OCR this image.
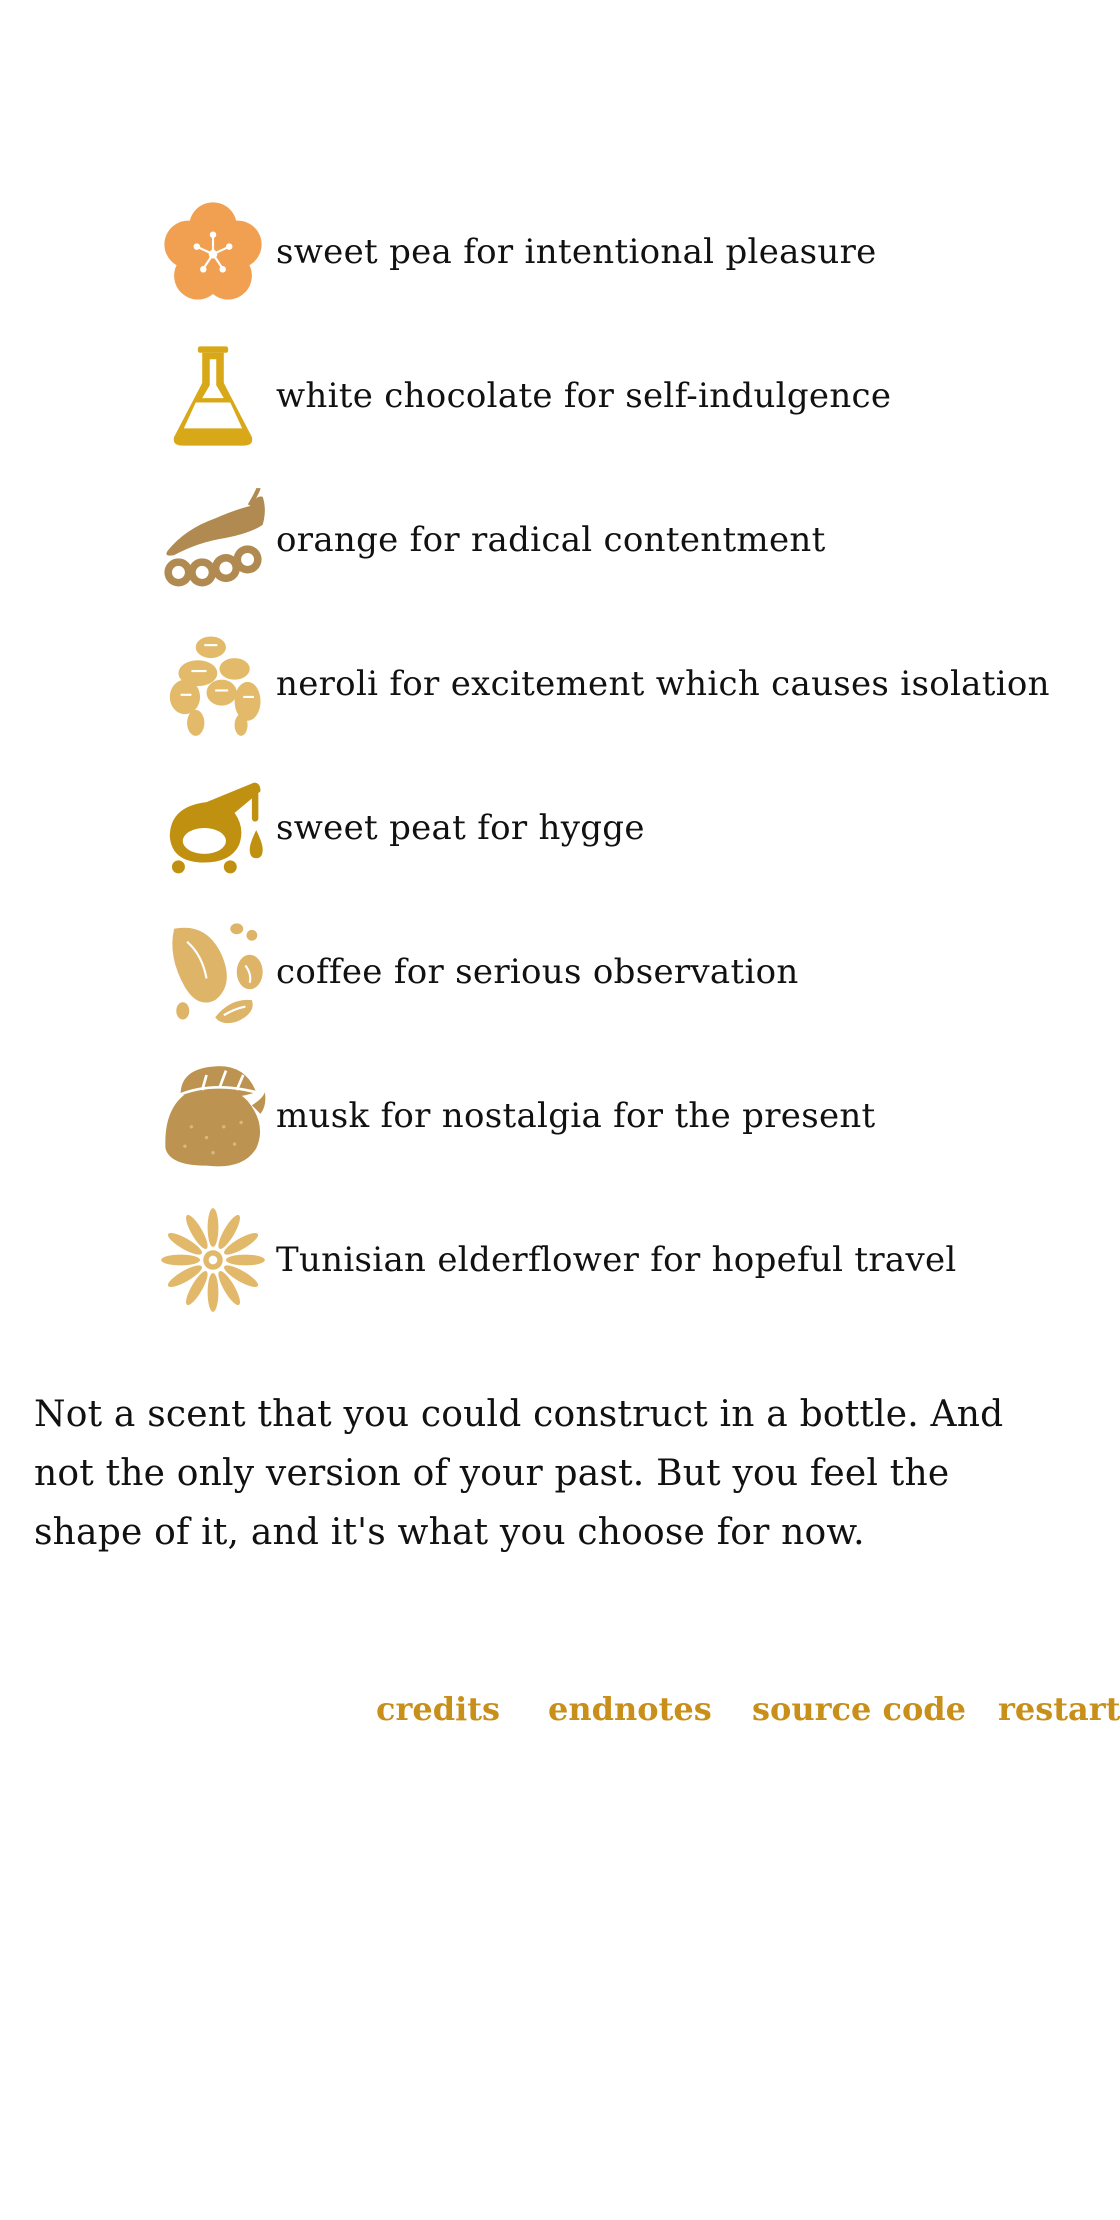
sweet pea for intentional pleasure
white chocolate for self-indulgence
orange for radical contentment
neroli for excitement which causes isolation
sweet peat for hygge
coffee for serious observation
musk for nostalgia for the present
Tunisian elderflower for hopeful travel

Not a scent that you could construct in a bottle. And not the only version of your past. But you feel the shape of it, and it's what you choose for now.

credits endnotes source code restart
